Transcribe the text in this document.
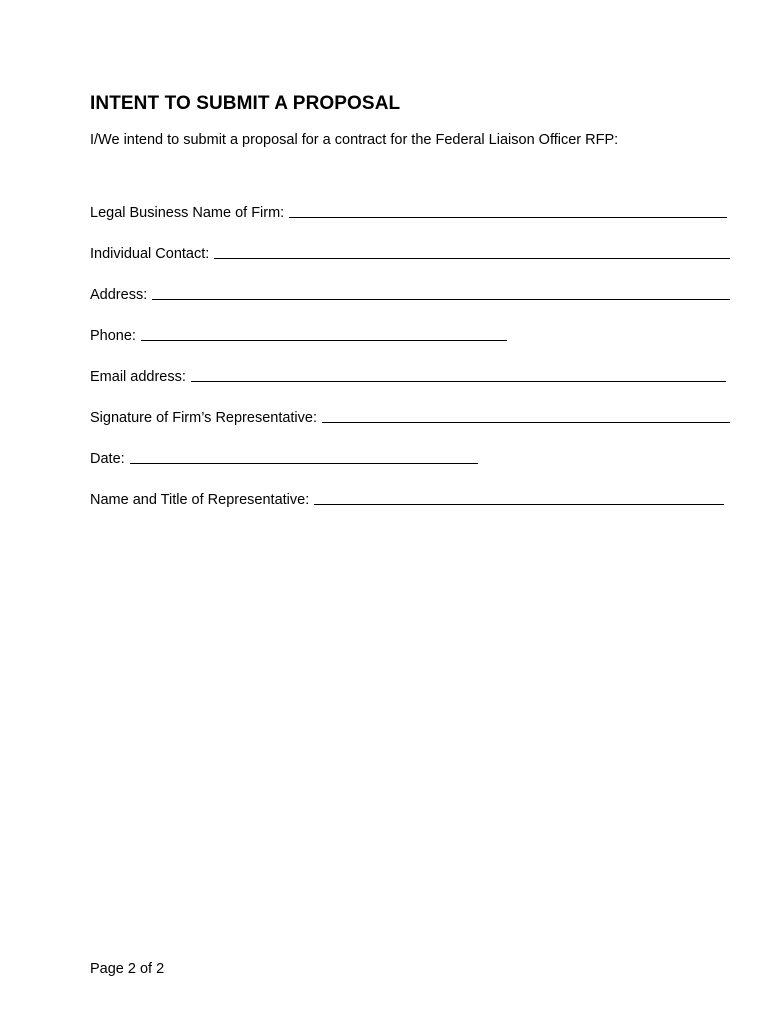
INTENT TO SUBMIT A PROPOSAL

I/We intend to submit a proposal for a contract for the Federal Liaison Officer RFP:

Legal Business Name of Firm:
Individual Contact:
Address:
Phone:
Email address:
Signature of Firm’s Representative:
Date:
Name and Title of Representative:

Page 2 of 2
